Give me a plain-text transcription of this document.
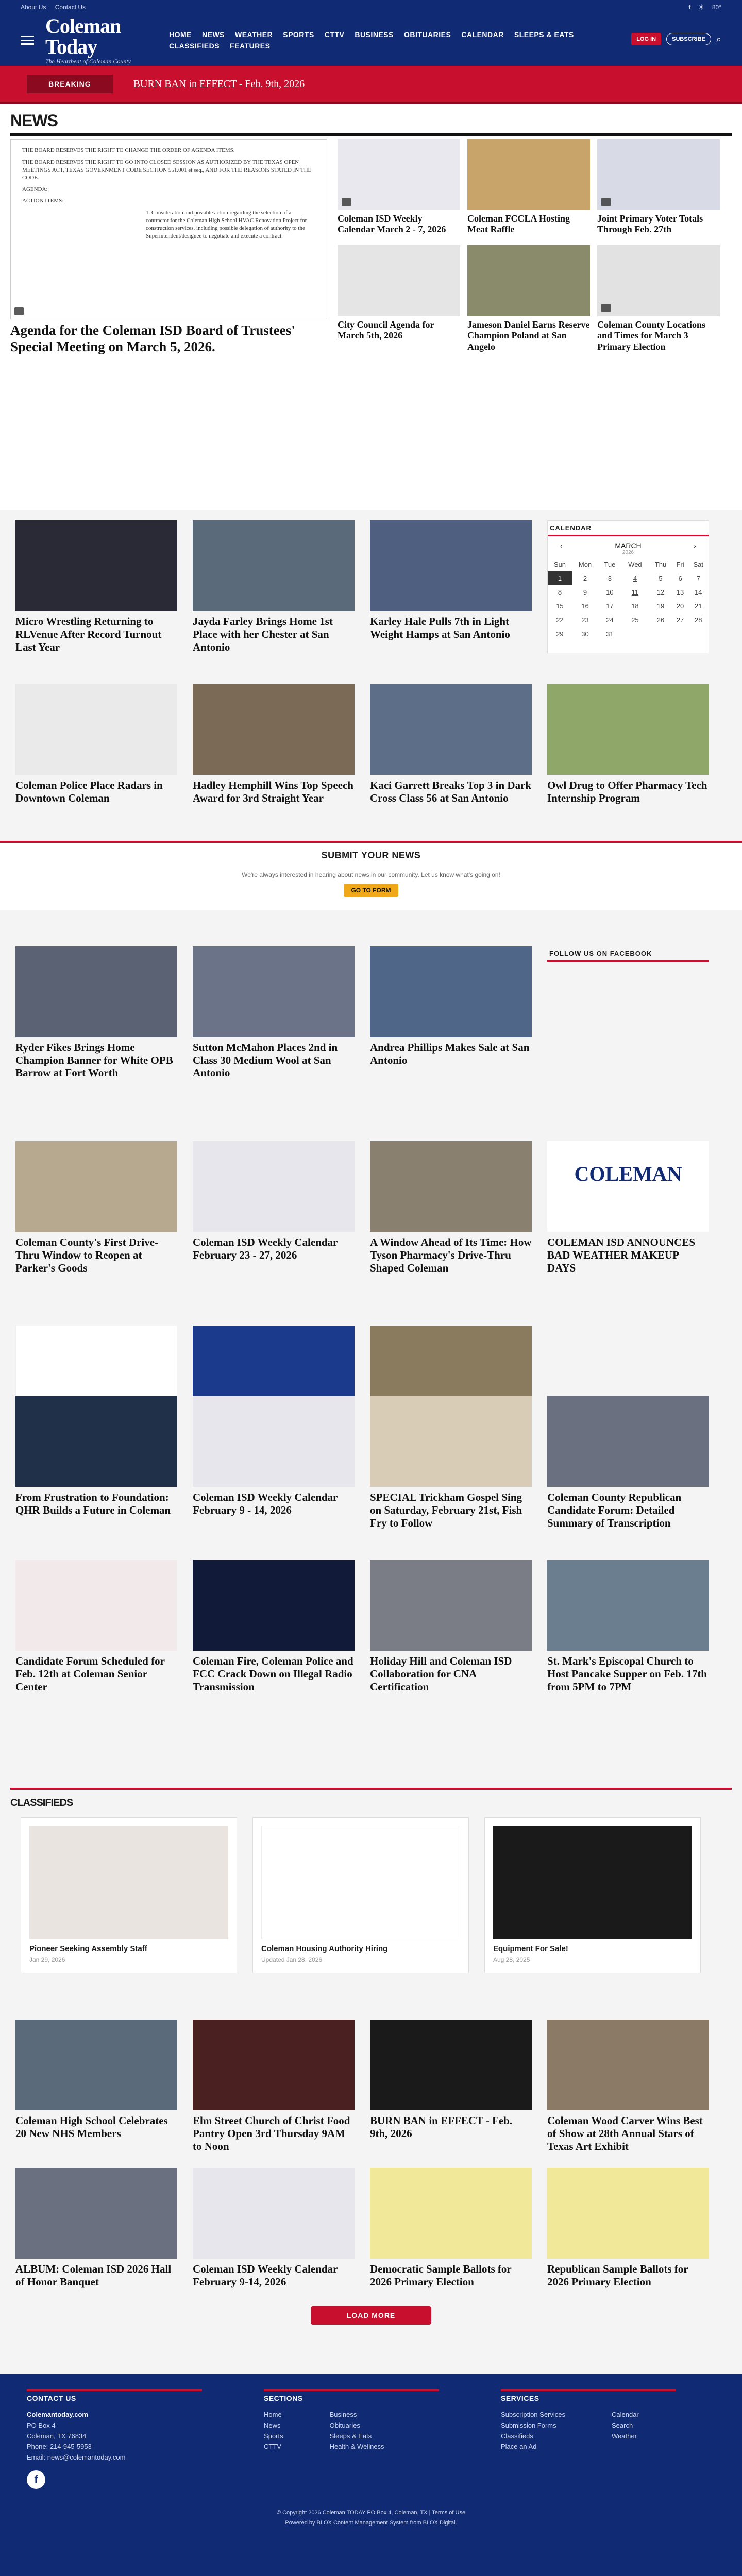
About Us Contact Us	f ☀ 80°
Coleman Today
The Heartbeat of Coleman County
HOME NEWS WEATHER SPORTS CTTV BUSINESS OBITUARIES CALENDAR SLEEPS & EATS
CLASSIFIEDS FEATURES
LOG IN	SUBSCRIBE	⌕
BREAKING	BURN BAN in EFFECT - Feb. 9th, 2026
NEWS

THE BOARD RESERVES THE RIGHT TO CHANGE THE ORDER OF AGENDA ITEMS.

THE BOARD RESERVES THE RIGHT TO GO INTO CLOSED SESSION AS AUTHORIZED BY THE TEXAS OPEN MEETINGS ACT, TEXAS GOVERNMENT CODE SECTION 551.001 et seq., AND FOR THE REASONS STATED IN THE CODE.

AGENDA:

ACTION ITEMS:

1. Consideration and possible action regarding the selection of a contractor for the Coleman High School HVAC Renovation Project for construction services, including possible delegation of authority to the Superintendent/designee to negotiate and execute a contract

Agenda for the Coleman ISD Board of Trustees' Special Meeting on March 5, 2026.
Coleman ISD Weekly Calendar March 2 - 7, 2026
Coleman FCCLA Hosting Meat Raffle
Joint Primary Voter Totals Through Feb. 27th
City Council Agenda for March 5th, 2026
Jameson Daniel Earns Reserve Champion Poland at San Angelo
Coleman County Locations and Times for March 3 Primary Election
Micro Wrestling Returning to RLVenue After Record Turnout Last Year
Jayda Farley Brings Home 1st Place with her Chester at San Antonio
Karley Hale Pulls 7th in Light Weight Hamps at San Antonio
CALENDAR
‹	MARCH	›
2026
Sun	Mon	Tue	Wed	Thu	Fri	Sat
1	2	3	4	5	6	7
8	9	10	11	12	13	14
15	16	17	18	19	20	21
22	23	24	25	26	27	28
29	30	31				
Coleman Police Place Radars in Downtown Coleman
Hadley Hemphill Wins Top Speech Award for 3rd Straight Year
Kaci Garrett Breaks Top 3 in Dark Cross Class 56 at San Antonio
Owl Drug to Offer Pharmacy Tech Internship Program
SUBMIT YOUR NEWS

We're always interested in hearing about news in our community. Let us know what's going on!

GO TO FORM
Ryder Fikes Brings Home Champion Banner for White OPB Barrow at Fort Worth
Sutton McMahon Places 2nd in Class 30 Medium Wool at San Antonio
Andrea Phillips Makes Sale at San Antonio
FOLLOW US ON FACEBOOK
Coleman County's First Drive-Thru Window to Reopen at Parker's Goods
Coleman ISD Weekly Calendar February 23 - 27, 2026
A Window Ahead of Its Time: How Tyson Pharmacy's Drive-Thru Shaped Coleman
COLEMAN
COLEMAN ISD ANNOUNCES BAD WEATHER MAKEUP DAYS
From Frustration to Foundation: QHR Builds a Future in Coleman
Coleman ISD Weekly Calendar February 9 - 14, 2026
SPECIAL Trickham Gospel Sing on Saturday, February 21st, Fish Fry to Follow
Coleman County Republican Candidate Forum: Detailed Summary of Transcription
Candidate Forum Scheduled for Feb. 12th at Coleman Senior Center
Coleman Fire, Coleman Police and FCC Crack Down on Illegal Radio Transmission
Holiday Hill and Coleman ISD Collaboration for CNA Certification
St. Mark's Episcopal Church to Host Pancake Supper on Feb. 17th from 5PM to 7PM
CLASSIFIEDS
Pioneer Seeking Assembly Staff
Jan 29, 2026
Coleman Housing Authority Hiring
Updated Jan 28, 2026
Equipment For Sale!
Aug 28, 2025
Coleman High School Celebrates 20 New NHS Members
Elm Street Church of Christ Food Pantry Open 3rd Thursday 9AM to Noon
BURN BAN in EFFECT - Feb. 9th, 2026
Coleman Wood Carver Wins Best of Show at 28th Annual Stars of Texas Art Exhibit
ALBUM: Coleman ISD 2026 Hall of Honor Banquet
Coleman ISD Weekly Calendar February 9-14, 2026
Democratic Sample Ballots for 2026 Primary Election
Republican Sample Ballots for 2026 Primary Election
LOAD MORE
CONTACT US
Colemantoday.com
PO Box 4
Coleman, TX 76834
Phone: 214-945-5953
Email: news@colemantoday.com
f
SECTIONS
Home
News
Sports
CTTV
Business
Obituaries
Sleeps & Eats
Health & Wellness
SERVICES
Subscription Services
Submission Forms
Classifieds
Place an Ad
Calendar
Search
Weather
© Copyright 2026 Coleman TODAY PO Box 4, Coleman, TX | Terms of Use
Powered by BLOX Content Management System from BLOX Digital.
